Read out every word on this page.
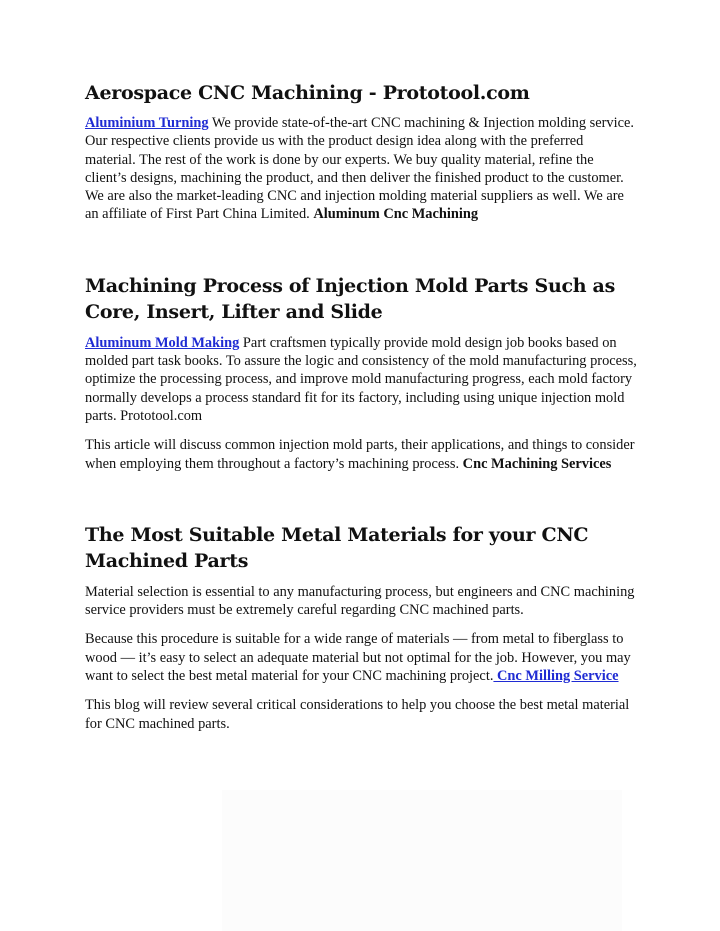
Aerospace CNC Machining - Prototool.com

Aluminium Turning We provide state-of-the-art CNC machining & Injection molding service. Our respective clients provide us with the product design idea along with the preferred material. The rest of the work is done by our experts. We buy quality material, refine the client’s designs, machining the product, and then deliver the finished product to the customer. We are also the market-leading CNC and injection molding material suppliers as well. We are an affiliate of First Part China Limited. Aluminum Cnc Machining

Machining Process of Injection Mold Parts Such as Core, Insert, Lifter and Slide

Aluminum Mold Making Part craftsmen typically provide mold design job books based on molded part task books. To assure the logic and consistency of the mold manufacturing process, optimize the processing process, and improve mold manufacturing progress, each mold factory normally develops a process standard fit for its factory, including using unique injection mold parts. Prototool.com

This article will discuss common injection mold parts, their applications, and things to consider when employing them throughout a factory’s machining process. Cnc Machining Services

The Most Suitable Metal Materials for your CNC Machined Parts

Material selection is essential to any manufacturing process, but engineers and CNC machining service providers must be extremely careful regarding CNC machined parts.

Because this procedure is suitable for a wide range of materials — from metal to fiberglass to wood — it’s easy to select an adequate material but not optimal for the job. However, you may want to select the best metal material for your CNC machining project. Cnc Milling Service

This blog will review several critical considerations to help you choose the best metal material for CNC machined parts.
